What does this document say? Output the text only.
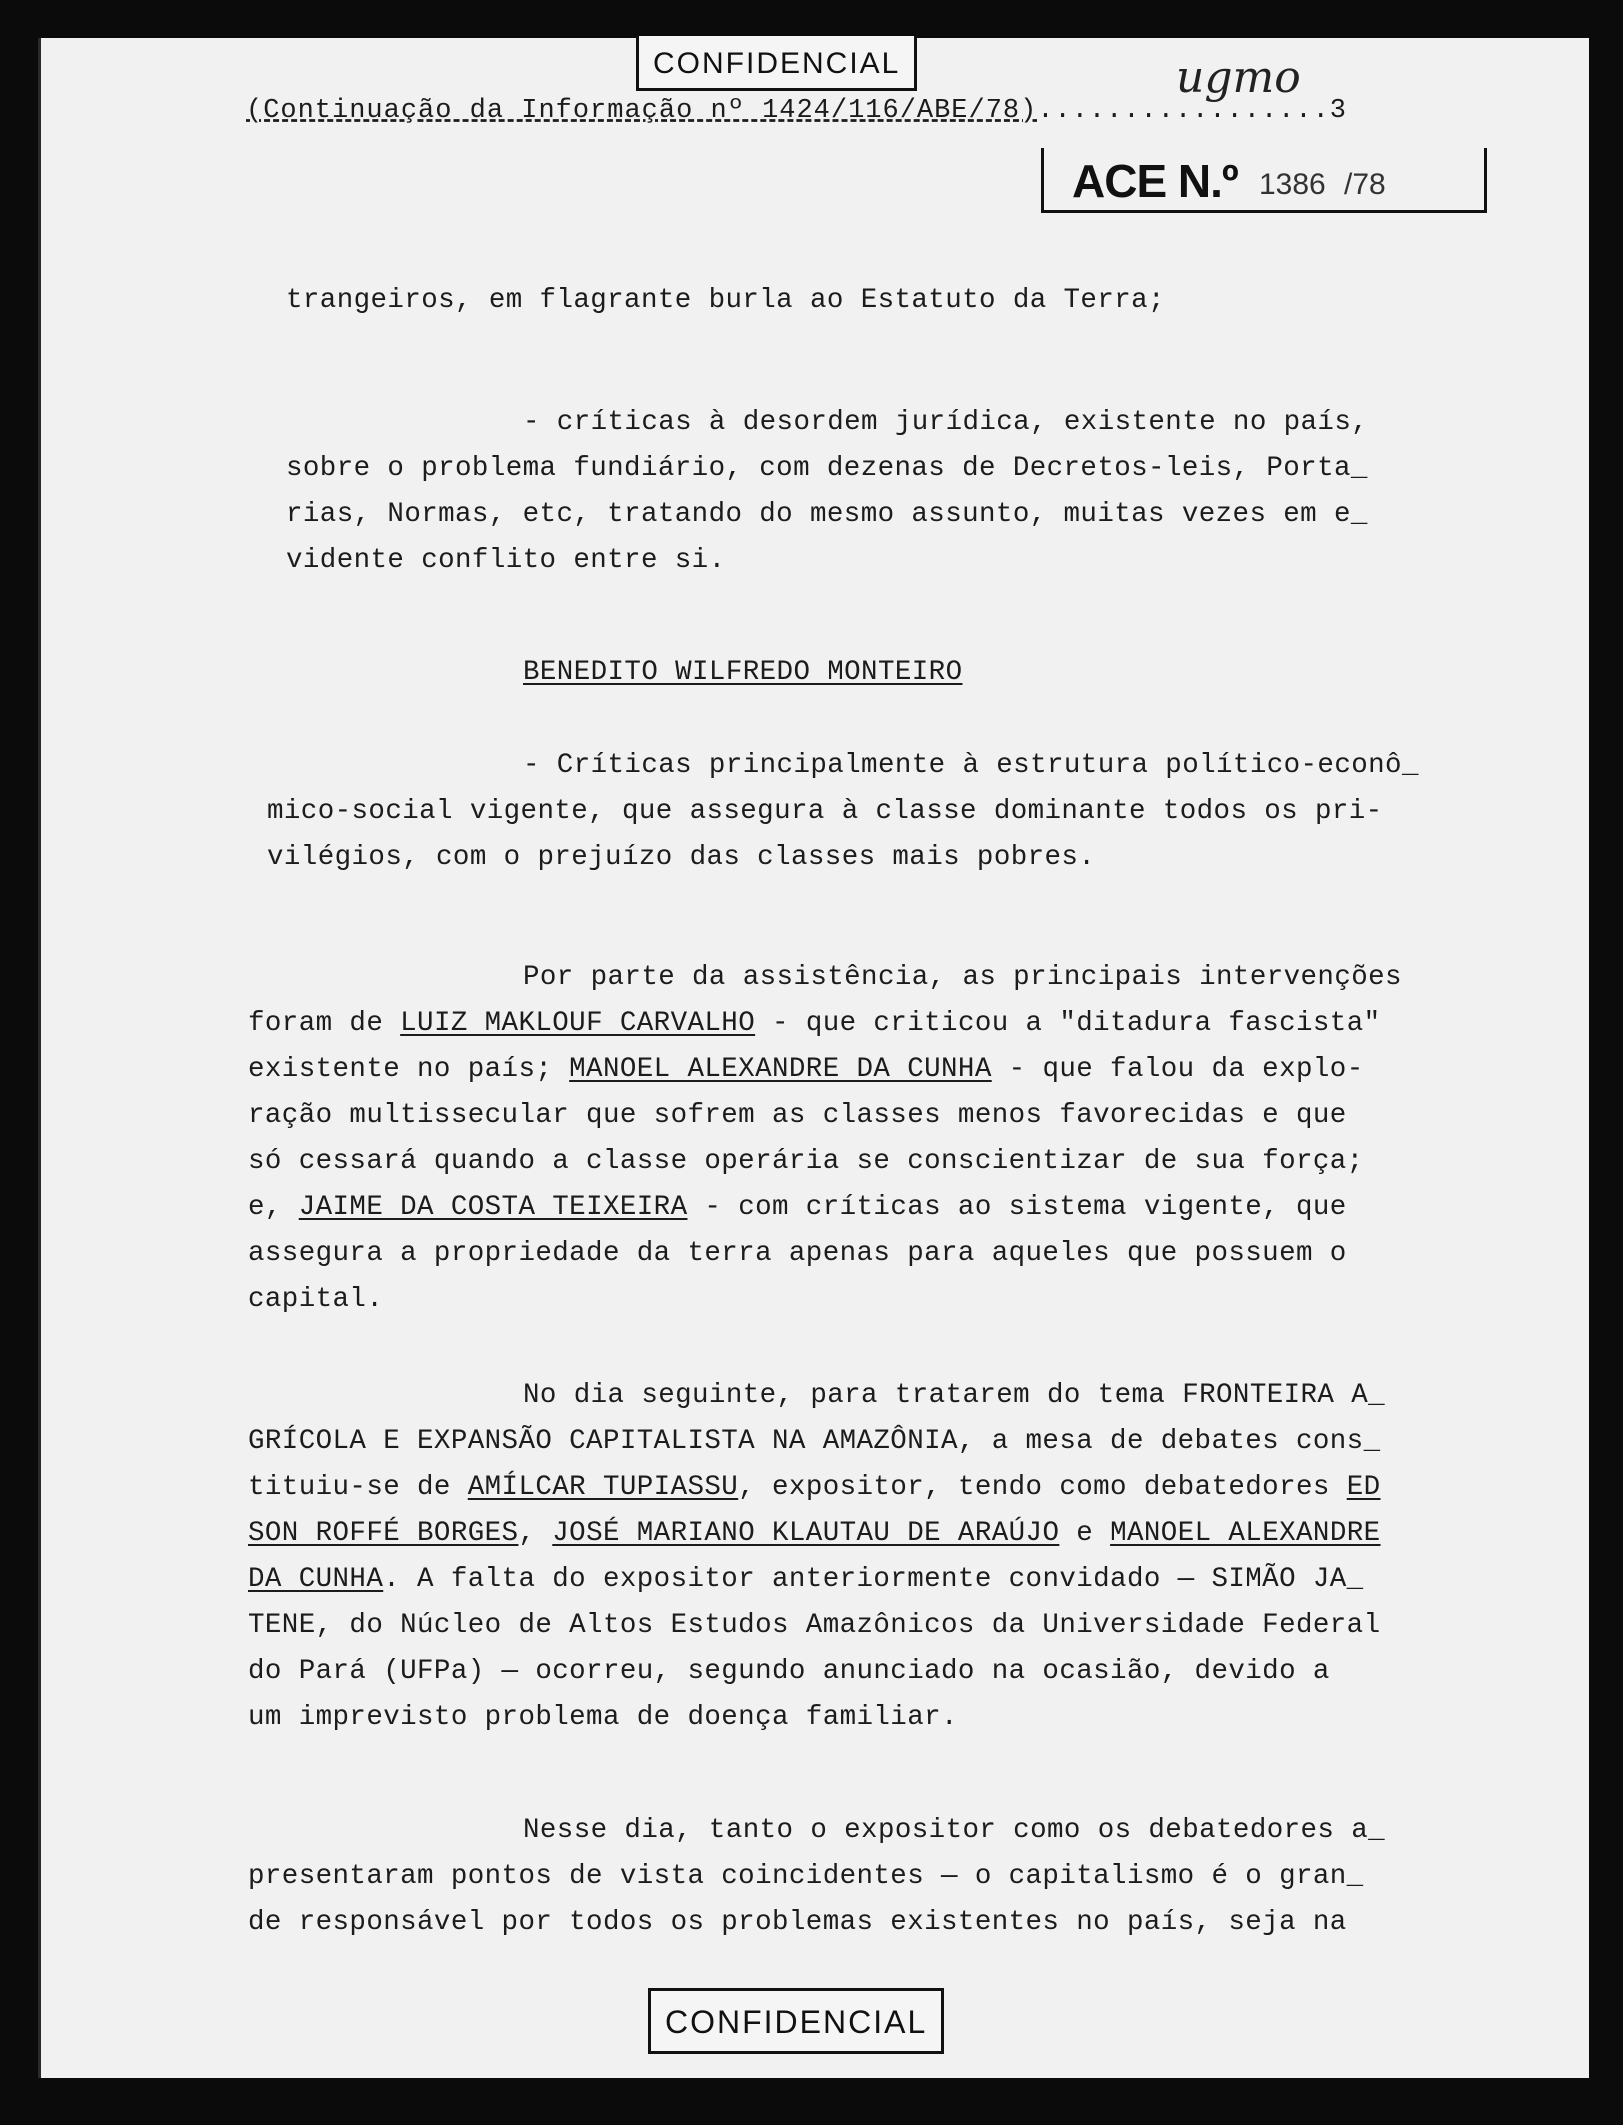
CONFIDENCIAL
(Continuação da Informação nº 1424/116/ABE/78).................3
ugmo
ACE N.º 1386 /78
trangeiros, em flagrante burla ao Estatuto da Terra;
- críticas à desordem jurídica, existente no país,
sobre o problema fundiário, com dezenas de Decretos-leis, Porta_
rias, Normas, etc, tratando do mesmo assunto, muitas vezes em e_
vidente conflito entre si.
BENEDITO WILFREDO MONTEIRO
- Críticas principalmente à estrutura político-econô_
mico-social vigente, que assegura à classe dominante todos os pri-
vilégios, com o prejuízo das classes mais pobres.
Por parte da assistência, as principais intervenções
foram de LUIZ MAKLOUF CARVALHO - que criticou a "ditadura fascista"
existente no país; MANOEL ALEXANDRE DA CUNHA - que falou da explo-
ração multissecular que sofrem as classes menos favorecidas e que
só cessará quando a classe operária se conscientizar de sua força;
e, JAIME DA COSTA TEIXEIRA - com críticas ao sistema vigente, que
assegura a propriedade da terra apenas para aqueles que possuem o
capital.
No dia seguinte, para tratarem do tema FRONTEIRA A_
GRÍCOLA E EXPANSÃO CAPITALISTA NA AMAZÔNIA, a mesa de debates cons_
tituiu-se de AMÍLCAR TUPIASSU, expositor, tendo como debatedores ED
SON ROFFÉ BORGES, JOSÉ MARIANO KLAUTAU DE ARAÚJO e MANOEL ALEXANDRE
DA CUNHA. A falta do expositor anteriormente convidado — SIMÃO JA_
TENE, do Núcleo de Altos Estudos Amazônicos da Universidade Federal
do Pará (UFPa) — ocorreu, segundo anunciado na ocasião, devido a
um imprevisto problema de doença familiar.
Nesse dia, tanto o expositor como os debatedores a_
presentaram pontos de vista coincidentes — o capitalismo é o gran_
de responsável por todos os problemas existentes no país, seja na
CONFIDENCIAL
